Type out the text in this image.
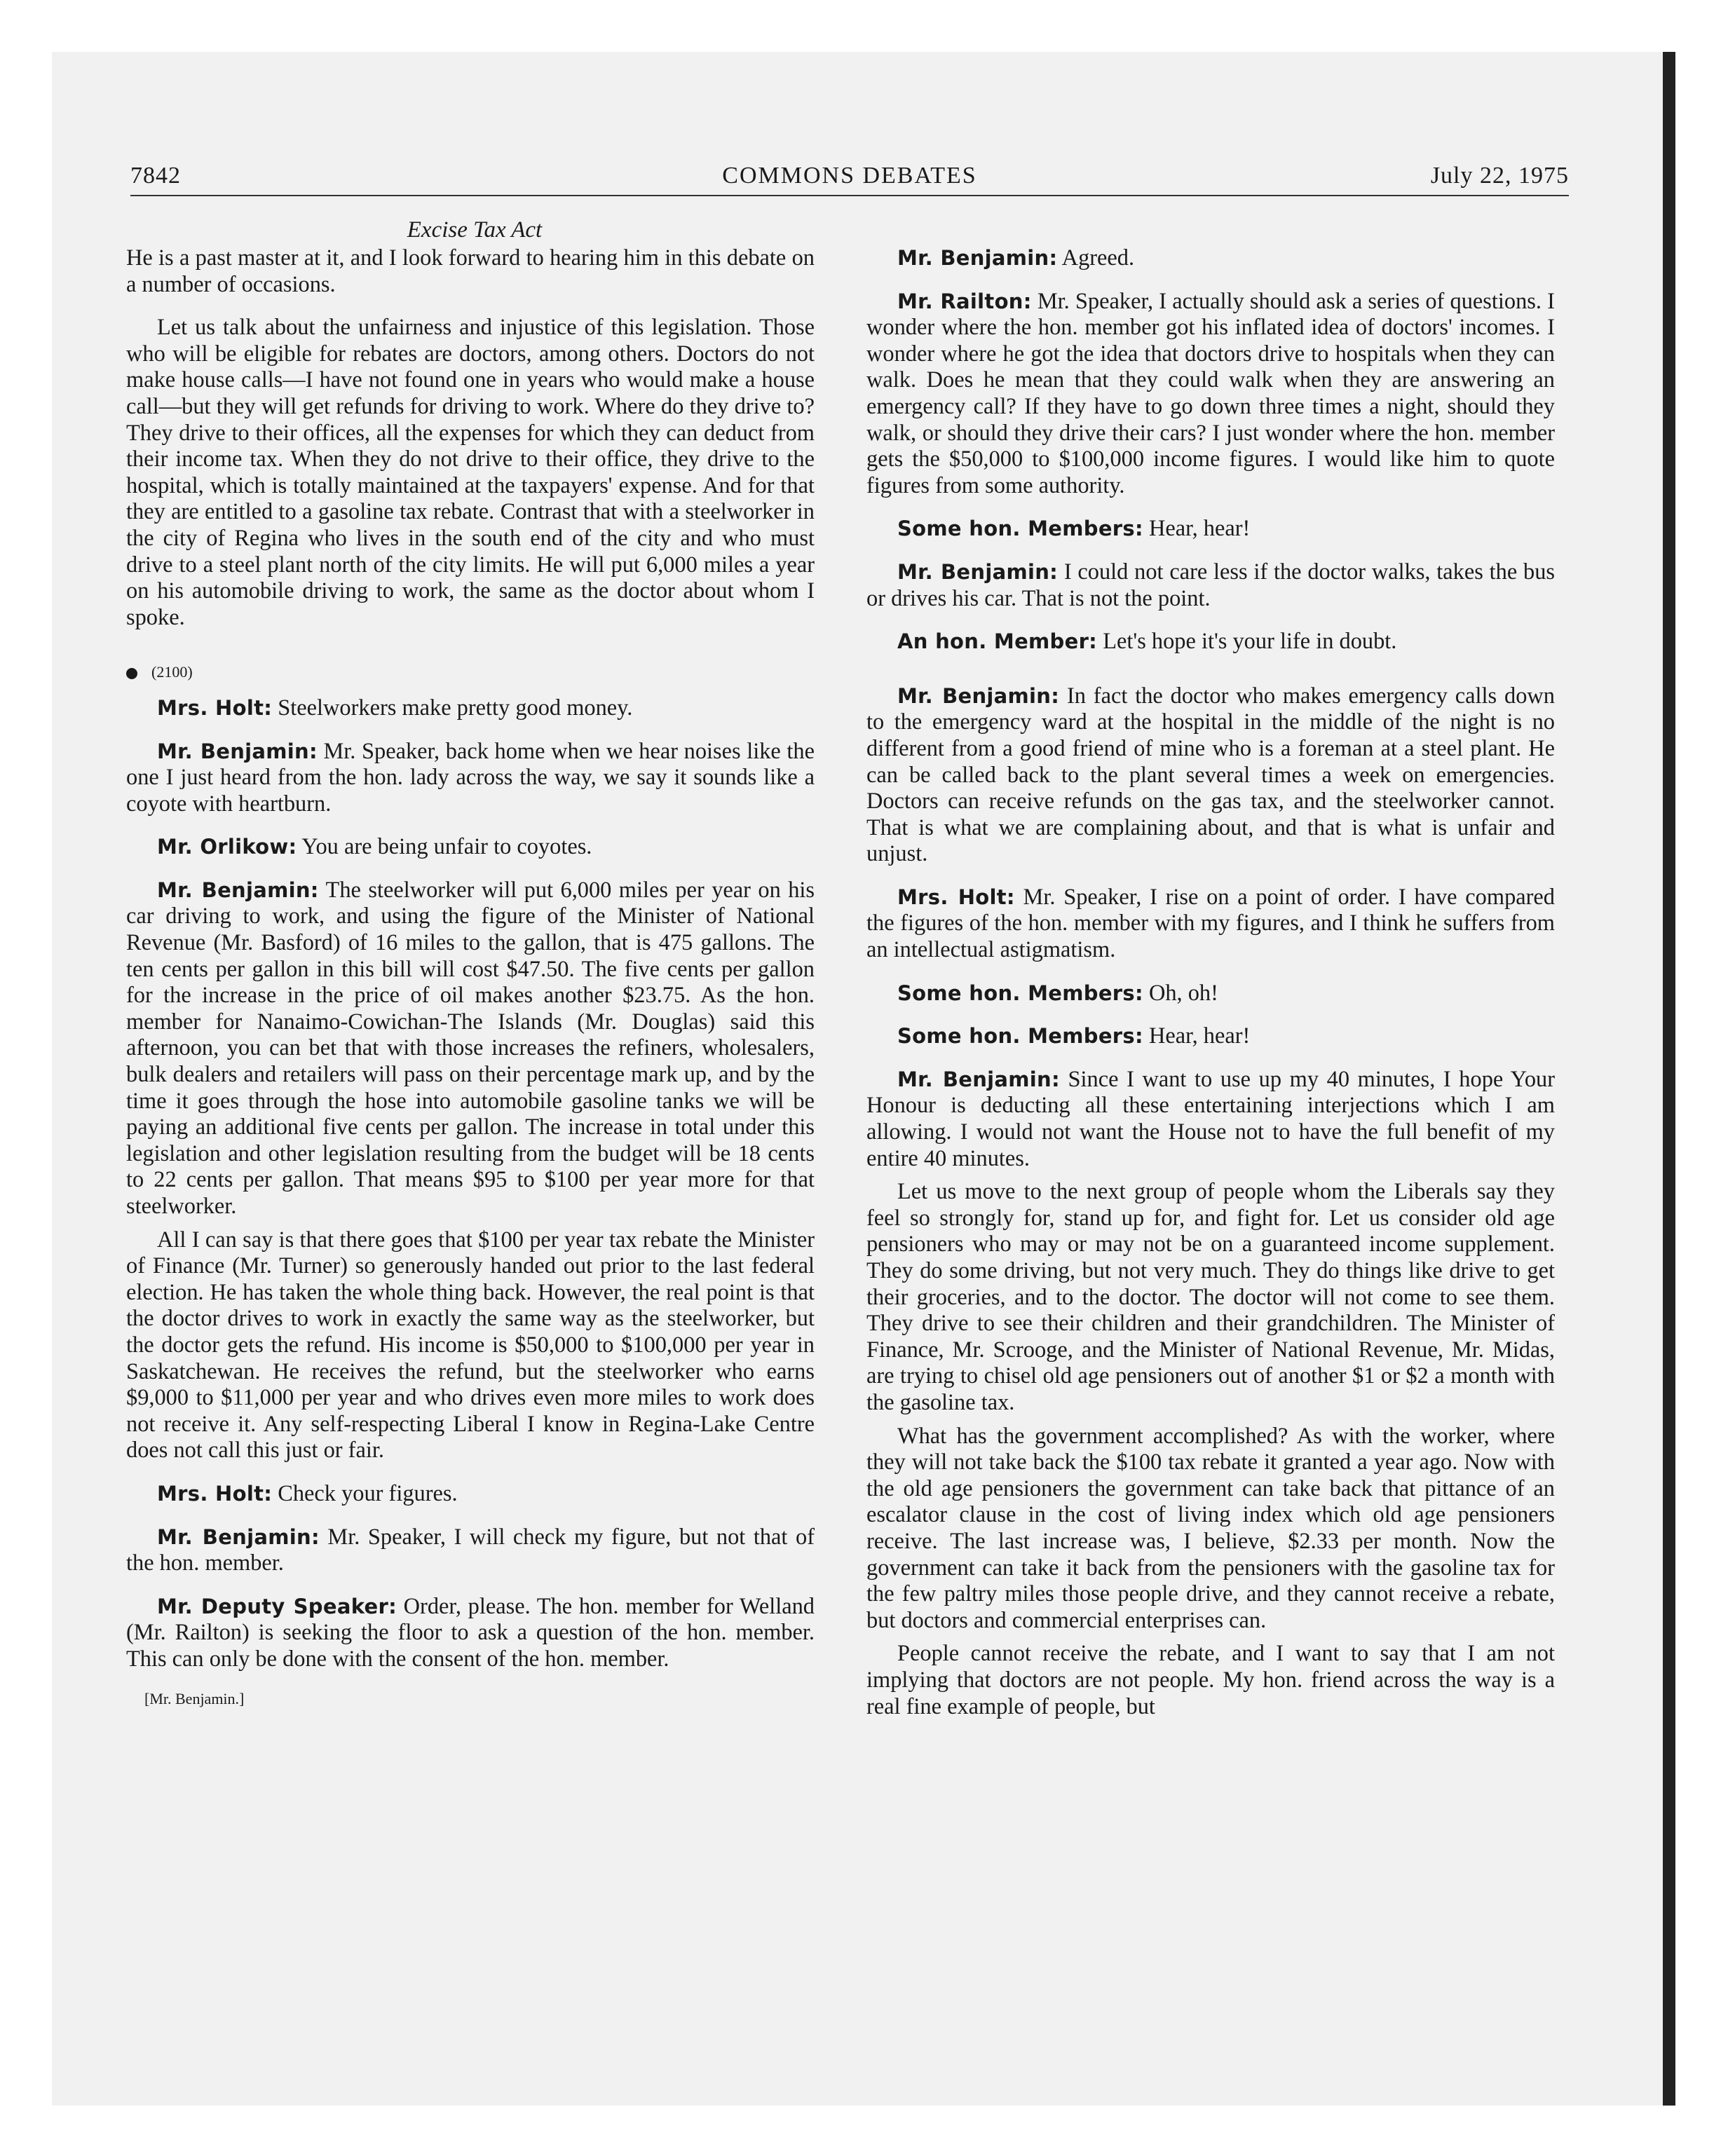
7842	COMMONS DEBATES	July 22, 1975
Excise Tax Act

He is a past master at it, and I look forward to hearing him in this debate on a number of occasions.

Let us talk about the unfairness and injustice of this legislation. Those who will be eligible for rebates are doctors, among others. Doctors do not make house calls—I have not found one in years who would make a house call—but they will get refunds for driving to work. Where do they drive to? They drive to their offices, all the expenses for which they can deduct from their income tax. When they do not drive to their office, they drive to the hospital, which is totally maintained at the taxpayers' expense. And for that they are entitled to a gasoline tax rebate. Contrast that with a steelworker in the city of Regina who lives in the south end of the city and who must drive to a steel plant north of the city limits. He will put 6,000 miles a year on his automobile driving to work, the same as the doctor about whom I spoke.

(2100)

Mrs. Holt: Steelworkers make pretty good money.

Mr. Benjamin: Mr. Speaker, back home when we hear noises like the one I just heard from the hon. lady across the way, we say it sounds like a coyote with heartburn.

Mr. Orlikow: You are being unfair to coyotes.

Mr. Benjamin: The steelworker will put 6,000 miles per year on his car driving to work, and using the figure of the Minister of National Revenue (Mr. Basford) of 16 miles to the gallon, that is 475 gallons. The ten cents per gallon in this bill will cost $47.50. The five cents per gallon for the increase in the price of oil makes another $23.75. As the hon. member for Nanaimo-Cowichan-The Islands (Mr. Douglas) said this afternoon, you can bet that with those increases the refiners, wholesalers, bulk dealers and retailers will pass on their percentage mark up, and by the time it goes through the hose into automobile gasoline tanks we will be paying an additional five cents per gallon. The increase in total under this legislation and other legislation resulting from the budget will be 18 cents to 22 cents per gallon. That means $95 to $100 per year more for that steelworker.

All I can say is that there goes that $100 per year tax rebate the Minister of Finance (Mr. Turner) so generously handed out prior to the last federal election. He has taken the whole thing back. However, the real point is that the doctor drives to work in exactly the same way as the steelworker, but the doctor gets the refund. His income is $50,000 to $100,000 per year in Saskatchewan. He receives the refund, but the steelworker who earns $9,000 to $11,000 per year and who drives even more miles to work does not receive it. Any self-respecting Liberal I know in Regina-Lake Centre does not call this just or fair.

Mrs. Holt: Check your figures.

Mr. Benjamin: Mr. Speaker, I will check my figure, but not that of the hon. member.

Mr. Deputy Speaker: Order, please. The hon. member for Welland (Mr. Railton) is seeking the floor to ask a question of the hon. member. This can only be done with the consent of the hon. member.

[Mr. Benjamin.]

Mr. Benjamin: Agreed.

Mr. Railton: Mr. Speaker, I actually should ask a series of questions. I wonder where the hon. member got his inflated idea of doctors' incomes. I wonder where he got the idea that doctors drive to hospitals when they can walk. Does he mean that they could walk when they are answering an emergency call? If they have to go down three times a night, should they walk, or should they drive their cars? I just wonder where the hon. member gets the $50,000 to $100,000 income figures. I would like him to quote figures from some authority.

Some hon. Members: Hear, hear!

Mr. Benjamin: I could not care less if the doctor walks, takes the bus or drives his car. That is not the point.

An hon. Member: Let's hope it's your life in doubt.

Mr. Benjamin: In fact the doctor who makes emergency calls down to the emergency ward at the hospital in the middle of the night is no different from a good friend of mine who is a foreman at a steel plant. He can be called back to the plant several times a week on emergencies. Doctors can receive refunds on the gas tax, and the steelworker cannot. That is what we are complaining about, and that is what is unfair and unjust.

Mrs. Holt: Mr. Speaker, I rise on a point of order. I have compared the figures of the hon. member with my figures, and I think he suffers from an intellectual astigmatism.

Some hon. Members: Oh, oh!

Some hon. Members: Hear, hear!

Mr. Benjamin: Since I want to use up my 40 minutes, I hope Your Honour is deducting all these entertaining interjections which I am allowing. I would not want the House not to have the full benefit of my entire 40 minutes.

Let us move to the next group of people whom the Liberals say they feel so strongly for, stand up for, and fight for. Let us consider old age pensioners who may or may not be on a guaranteed income supplement. They do some driving, but not very much. They do things like drive to get their groceries, and to the doctor. The doctor will not come to see them. They drive to see their children and their grandchildren. The Minister of Finance, Mr. Scrooge, and the Minister of National Revenue, Mr. Midas, are trying to chisel old age pensioners out of another $1 or $2 a month with the gasoline tax.

What has the government accomplished? As with the worker, where they will not take back the $100 tax rebate it granted a year ago. Now with the old age pensioners the government can take back that pittance of an escalator clause in the cost of living index which old age pensioners receive. The last increase was, I believe, $2.33 per month. Now the government can take it back from the pensioners with the gasoline tax for the few paltry miles those people drive, and they cannot receive a rebate, but doctors and commercial enterprises can.

People cannot receive the rebate, and I want to say that I am not implying that doctors are not people. My hon. friend across the way is a real fine example of people, but
